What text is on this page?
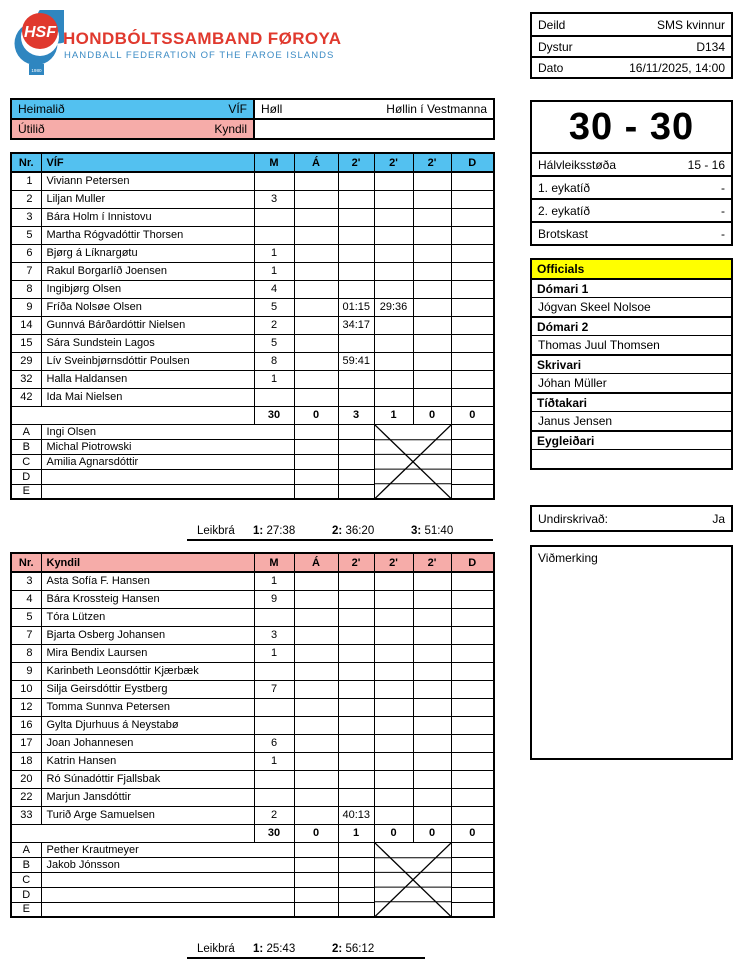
1980
HSF HONDBÓLTSSAMBAND FØROYA
HANDBALL FEDERATION OF THE FAROE ISLANDS
Deild	SMS kvinnur
Dystur	D134
Dato	16/11/2025, 14:00
Heimalið VÍF	Høll Høllin í Vestmanna

Útilið Kyndil	

Nr.	VÍF	M	Á	2'	2'	2'	D
1	Viviann Petersen						
2	Liljan Muller	3					
3	Bára Holm í Innistovu						
5	Martha Rógvadóttir Thorsen						
6	Bjørg á Líknargøtu	1					
7	Rakul Borgarlíð Joensen	1					
8	Ingibjørg Olsen	4					
9	Fríða Nolsøe Olsen	5		01:15	29:36		
14	Gunnvá Bárðardóttir Nielsen	2		34:17			
15	Sára Sundstein Lagos	5					
29	Lív Sveinbjørnsdóttir Poulsen	8		59:41			
32	Halla Haldansen	1					
42	Ida Mai Nielsen						
		30	0	3	1	0	0
A	Ingi Olsen			

B	Michal Piotrowski						
C	Amilia Agnarsdóttir						
D							
E							
Leikbrá	1: 27:38	2: 36:20	3: 51:40
Nr.	Kyndil	M	Á	2'	2'	2'	D
3	Asta Sofía F. Hansen	1					
4	Bára Krossteig Hansen	9					
5	Tóra Lützen						
7	Bjarta Osberg Johansen	3					
8	Mira Bendix Laursen	1					
9	Karinbeth Leonsdóttir Kjærbæk						
10	Silja Geirsdóttir Eystberg	7					
12	Tomma Sunnva Petersen						
16	Gylta Djurhuus á Neystabø						
17	Joan Johannesen	6					
18	Katrin Hansen	1					
20	Ró Súnadóttir Fjallsbak						
22	Marjun Jansdóttir						
33	Turið Arge Samuelsen	2		40:13			
		30	0	1	0	0	0
A	Pether Krautmeyer			

B	Jakob Jónsson						
C							
D							
E							
Leikbrá	1: 25:43	2: 56:12
30 - 30
Hálvleiksstøða	15 - 16
1. eykatíð	-
2. eykatíð	-
Brotskast	-
Officials
Dómari 1
Jógvan Skeel Nolsoe
Dómari 2
Thomas Juul Thomsen
Skrivari
Jóhan Müller
Tíðtakari
Janus Jensen
Eygleiðari
Undirskrivað:	Ja
Viðmerking
